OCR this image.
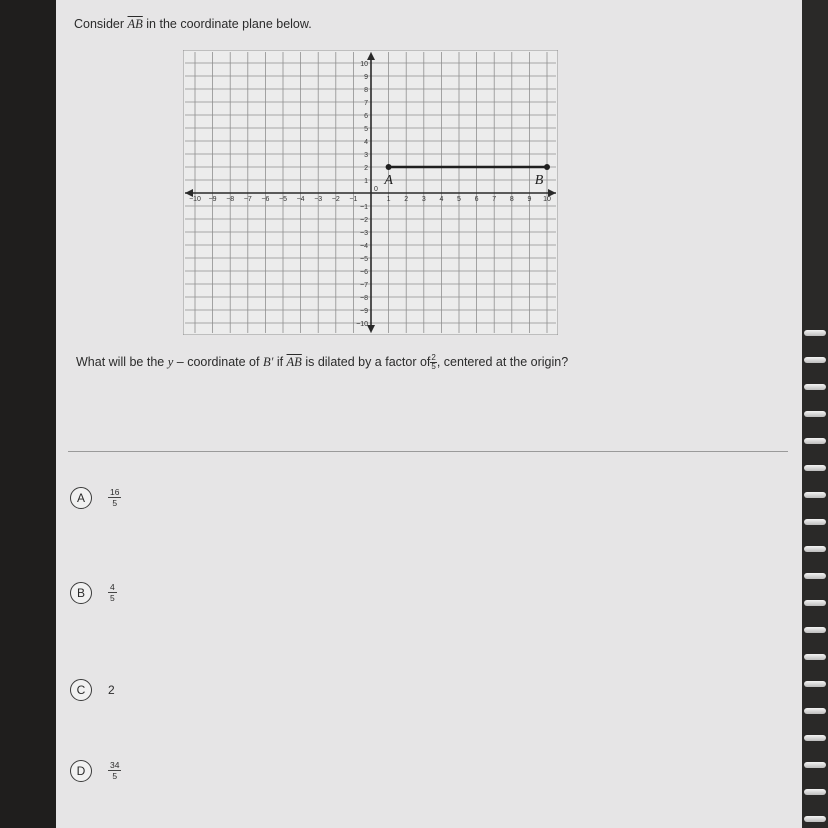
Consider $\overline{AB}$ in the coordinate plane below.
−10 −9 −8 −7 −6 −5 −4 −3 −2 −1	1 2 3 4 5 6 7 8 9 10
0
10
9
8
7
6
5
4
3
2
1
−1
−2
−3
−4
−5
−6
−7
−8
−9
−10
A	B
What will be the y – coordinate of B′ if $\overline{AB}$ is dilated by a factor of $\frac{2}{5}$ , centered at the origin?
A	$\frac{16}{5}$
B	$\frac{4}{5}$
C	2
D	$\frac{34}{5}$
